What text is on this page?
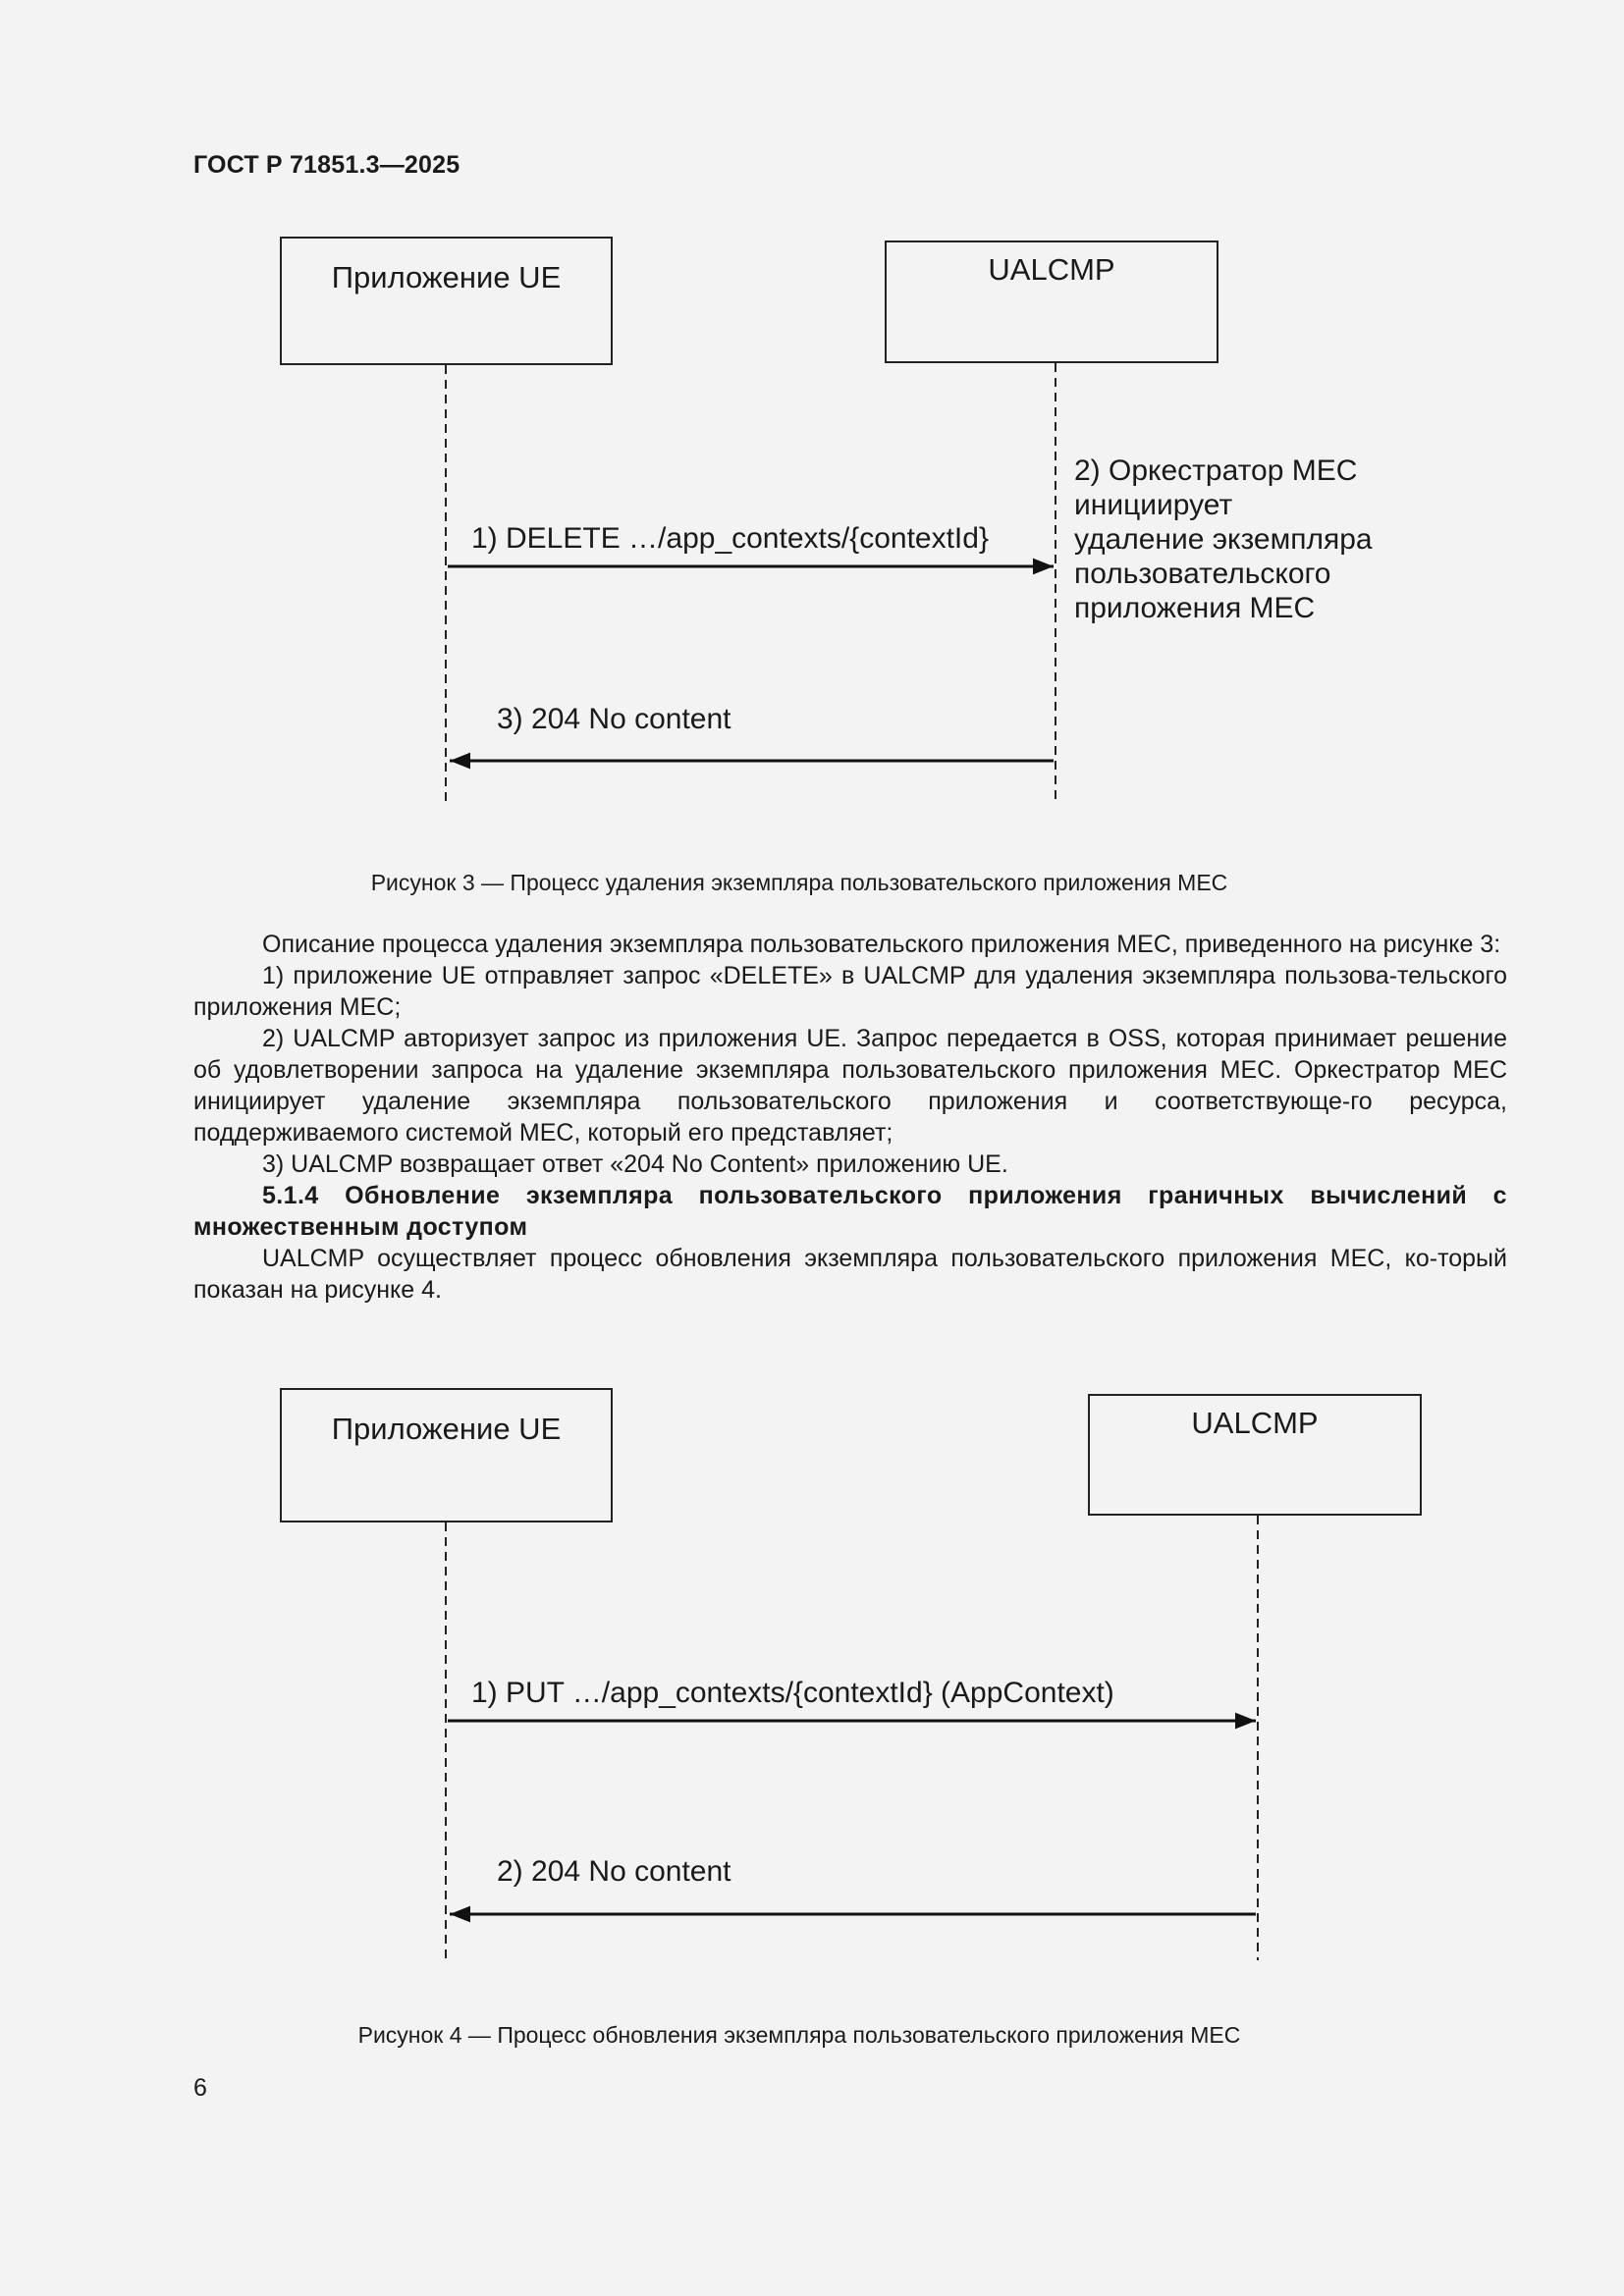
ГОСТ Р 71851.3—2025
Приложение UE	UALCMP
1) DELETE …/app_contexts/{contextId}
2) Оркестратор MEC
инициирует
удаление экземпляра
пользовательского
приложения MEC
3) 204 No content
Рисунок 3 — Процесс удаления экземпляра пользовательского приложения MEC

Описание процесса удаления экземпляра пользовательского приложения MEC, приведенного на рисунке 3:

1) приложение UE отправляет запрос «DELETE» в UALCMP для удаления экземпляра пользова-тельского приложения MEC;

2) UALCMP авторизует запрос из приложения UE. Запрос передается в OSS, которая принимает решение об удовлетворении запроса на удаление экземпляра пользовательского приложения MEC. Оркестратор MEC инициирует удаление экземпляра пользовательского приложения и соответствующе-го ресурса, поддерживаемого системой MEC, который его представляет;

3) UALCMP возвращает ответ «204 No Content» приложению UE.

5.1.4 Обновление экземпляра пользовательского приложения граничных вычислений с множественным доступом

UALCMP осуществляет процесс обновления экземпляра пользовательского приложения MEC, ко-торый показан на рисунке 4.

Приложение UE	UALCMP
1) PUT …/app_contexts/{contextId} (AppContext)
2) 204 No content
Рисунок 4 — Процесс обновления экземпляра пользовательского приложения MEC
6
